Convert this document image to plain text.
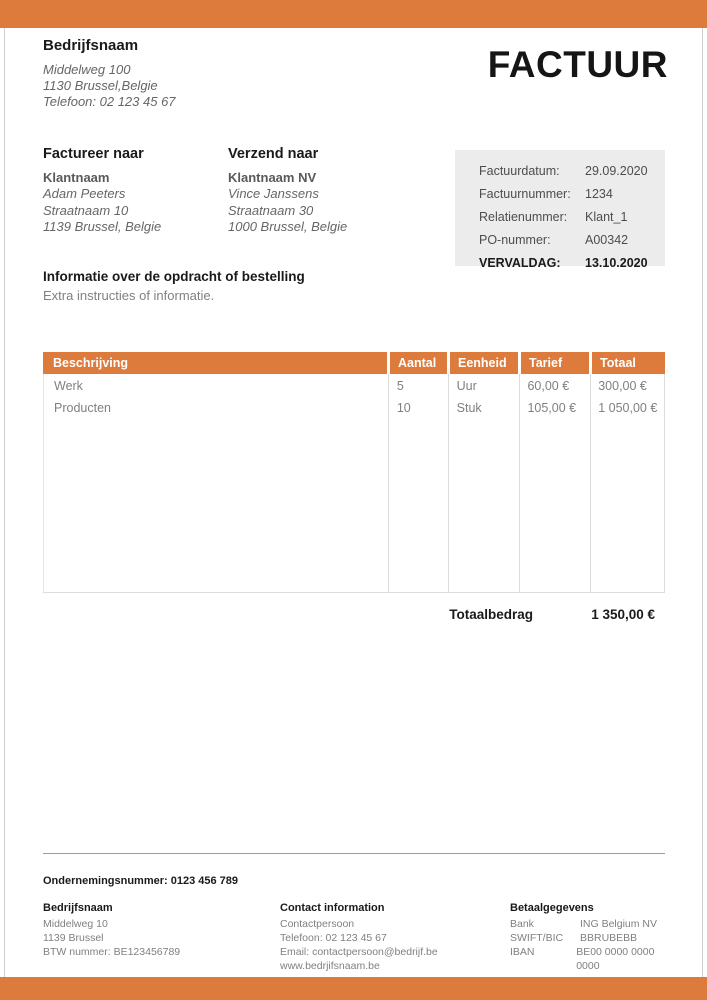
Bedrijfsnaam
Middelweg 100
1130 Brussel,Belgie
Telefoon: 02 123 45 67
FACTUUR
Factureer naar
Klantnaam
Adam Peeters
Straatnaam 10
1139 Brussel, Belgie
Verzend naar
Klantnaam NV
Vince Janssens
Straatnaam 30
1000 Brussel, Belgie
Factuurdatum:	29.09.2020
Factuurnummer:	1234
Relatienummer:	Klant_1
PO-nummer:	A00342
VERVALDAG:	13.10.2020
Informatie over de opdracht of bestelling
Extra instructies of informatie.
Beschrijving	Aantal	Eenheid	Tarief	Totaal
Werk	5	Uur	60,00 €	300,00 €
Producten	10	Stuk	105,00 €	1 050,00 €
Totaalbedrag	1 350,00 €
Ondernemingsnummer: 0123 456 789
Bedrijfsnaam
Middelweg 10
1139 Brussel
BTW nummer: BE123456789
Contact information
Contactpersoon
Telefoon: 02 123 45 67
Email: contactpersoon@bedrijf.be
www.bedrjifsnaam.be
Betaalgegevens
Bank	ING Belgium NV
SWIFT/BIC	BBRUBEBB
IBAN	BE00 0000 0000 0000
